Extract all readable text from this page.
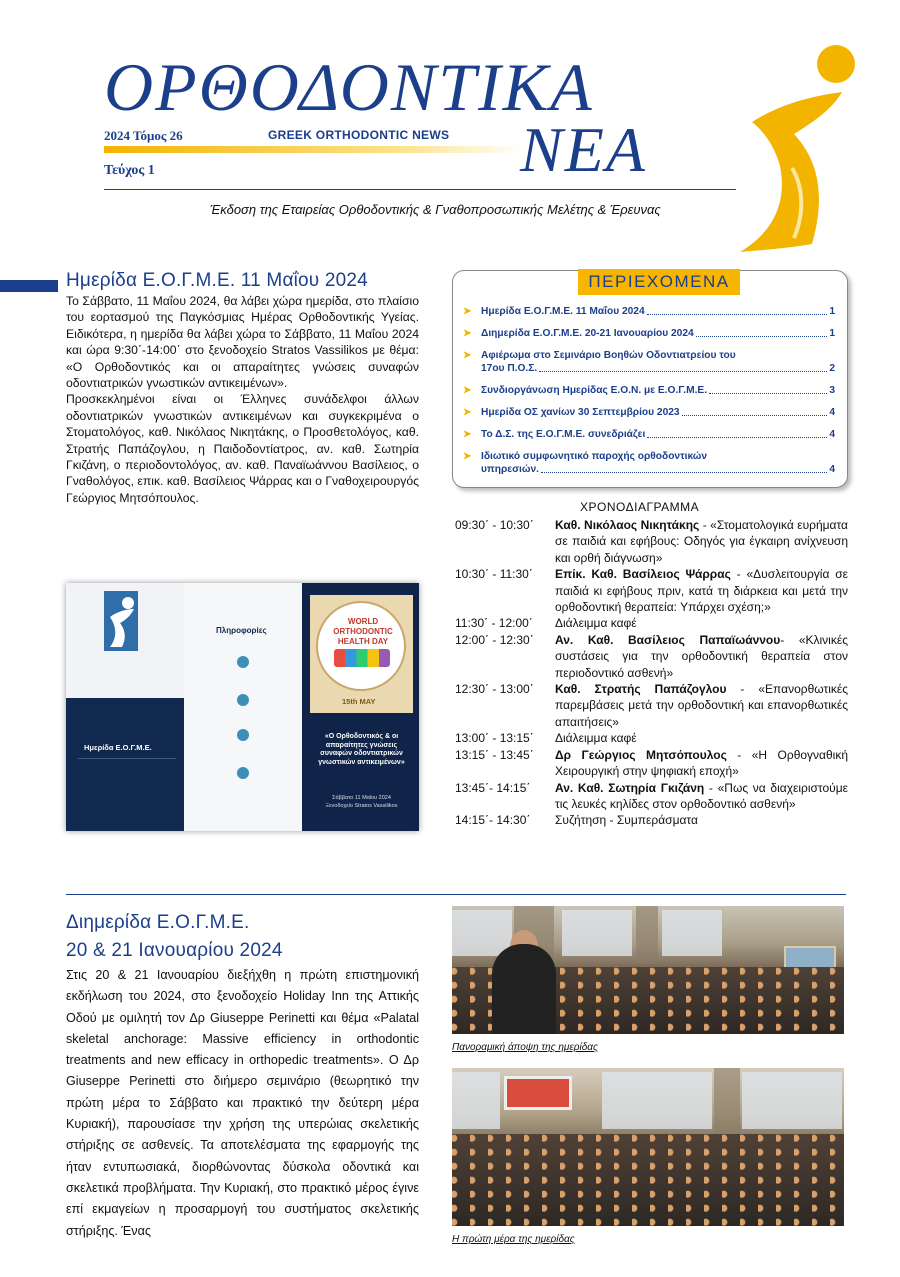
ΟΡΘΟΔΟΝΤΙΚΑ
2024 Τόμος 26	GREEK ORTHODONTIC NEWS ΝΕΑ
Τεύχος 1
Έκδοση της Εταιρείας Ορθοδοντικής & Γναθοπροσωπικής Μελέτης & Έρευνας
Ημερίδα Ε.Ο.Γ.Μ.Ε. 11 Μαΐου 2024

Το Σάββατο, 11 Μαΐου 2024, θα λάβει χώρα ημερίδα, στο πλαίσιο του εορτασμού της Παγκόσμιας Ημέρας Ορθοδοντικής Υγείας. Ειδικότερα, η ημερίδα θα λάβει χώρα το Σάββατο, 11 Μαΐου 2024 και ώρα 9:30΄-14:00΄ στο ξενοδοχείο Stratos Vassilikos με θέμα: «Ο Ορθοδοντικός και οι απαραίτητες γνώσεις συναφών οδοντιατρικών γνωστικών αντικειμένων».

Προσκεκλημένοι είναι οι Έλληνες συνάδελφοι άλλων οδοντιατρικών γνωστικών αντικειμένων και συγκεκριμένα ο Στοματολόγος, καθ. Νικόλαος Νικητάκης, ο Προσθετολόγος, καθ. Στρατής Παπάζογλου, η Παιδοδοντίατρος, αν. καθ. Σωτηρία Γκιζάνη, ο περιοδοντολόγος, αν. καθ. Παναϊωάννου Βασίλειος, ο Γναθολόγος, επικ. καθ. Βασίλειος Ψάρρας και ο Γναθοχειρουργός Γεώργιος Μητσόπουλος.

ΠΕΡΙΕΧΟΜΕΝΑ
➤ Ημερίδα Ε.Ο.Γ.Μ.Ε. 11 Μαΐου 2024	1
➤ Διημερίδα Ε.Ο.Γ.Μ.Ε. 20-21 Ιανουαρίου 2024	1
➤ Αφιέρωμα στο Σεμινάριο Βοηθών Οδοντιατρείου του
17ου Π.Ο.Σ.	2
➤ Συνδιοργάνωση Ημερίδας Ε.Ο.Ν. με Ε.Ο.Γ.Μ.Ε.	3
➤ Ημερίδα ΟΣ χανίων 30 Σεπτεμβρίου 2023	4
➤ Το Δ.Σ. της Ε.Ο.Γ.Μ.Ε. συνεδριάζει	4
➤ Ιδιωτικό συμφωνητικό παροχής ορθοδοντικών
υπηρεσιών.	4
ΧΡΟΝΟΔΙΑΓΡΑΜΜΑ
09:30΄ - 10:30΄	Καθ. Νικόλαος Νικητάκης - «Στοματολογικά ευρήματα σε παιδιά και εφήβους: Οδηγός για έγκαιρη ανίχνευση και ορθή διάγνωση»
10:30΄ - 11:30΄	Επίκ. Καθ. Βασίλειος Ψάρρας - «Δυσλειτουργία σε παιδιά κι εφήβους πριν, κατά τη διάρκεια και μετά την ορθοδοντική θεραπεία: Υπάρχει σχέση;»
11:30΄ - 12:00΄	Διάλειμμα καφέ
12:00΄ - 12:30΄	Αν. Καθ. Βασίλειος Παπαϊωάννου- «Κλινικές συστάσεις για την ορθοδοντική θεραπεία στον περιοδοντικό ασθενή»
12:30΄ - 13:00΄	Καθ. Στρατής Παπάζογλου - «Επανορθωτικές παρεμβάσεις μετά την ορθοδοντική και επανορθωτικές απαιτήσεις»
13:00΄ - 13:15΄	Διάλειμμα καφέ
13:15΄ - 13:45΄	Δρ Γεώργιος Μητσόπουλος - «Η Ορθογναθική Χειρουργική στην ψηφιακή εποχή»
13:45΄- 14:15΄	Αν. Καθ. Σωτηρία Γκιζάνη - «Πως να διαχειριστούμε τις λευκές κηλίδες στον ορθοδοντικό ασθενή»
14:15΄- 14:30΄	Συζήτηση - Συμπεράσματα
Ημερίδα Ε.Ο.Γ.Μ.Ε.
Πληροφορίες
WORLD
ORTHODONTIC
HEALTH DAY
15th MAY
«Ο Ορθοδοντικός & οι απαραίτητες γνώσεις συναφών οδοντιατρικών γνωστικών αντικειμένων»
Σάββατο 11 Μαΐου 2024
Ξενοδοχείο Stratos Vassilikos
Διημερίδα Ε.Ο.Γ.Μ.Ε.
20 & 21 Ιανουαρίου 2024
Στις 20 & 21 Ιανουαρίου διεξήχθη η πρώτη επιστημονική εκδήλωση του 2024, στο ξενοδοχείο Holiday Inn της Αττικής Οδού με ομιλητή τον Δρ Giuseppe Perinetti και θέμα «Palatal skeletal anchorage: Massive efficiency in orthodontic treatments and new efficacy in orthopedic treatments». Ο Δρ Giuseppe Perinetti στο διήμερο σεμινάριο (θεωρητικό την πρώτη μέρα το Σάββατο και πρακτικό την δεύτερη μέρα Κυριακή), παρουσίασε την χρήση της υπερώιας σκελετικής στήριξης σε ασθενείς. Τα αποτελέσματα της εφαρμογής της ήταν εντυπωσιακά, διορθώνοντας δύσκολα οδοντικά και σκελετικά προβλήματα. Την Κυριακή, στο πρακτικό μέρος έγινε επί εκμαγείων η προσαρμογή του συστήματος σκελετικής στήριξης. Ένας
Πανοραμική άποψη της ημερίδας
Η πρώτη μέρα της ημερίδας
